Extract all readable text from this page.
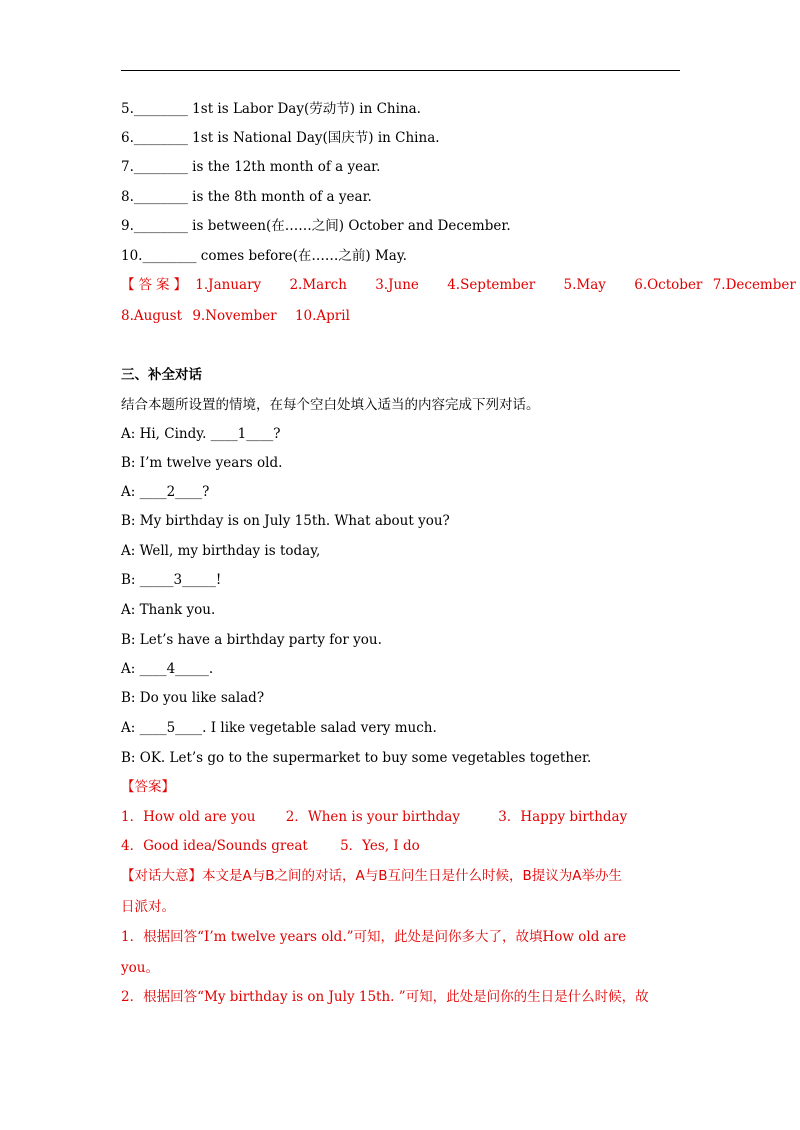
5.________ 1st is Labor Day(劳动节) in China.
6.________ 1st is National Day(国庆节) in China.
7.________ is the 12th month of a year.
8.________ is the 8th month of a year.
9.________ is between(在……之间) October and December.
10.________ comes before(在……之前) May.
【答案】 1.January 2.March 3.June 4.September 5.May 6.October 7.December
8.August 9.November 10.April
三、补全对话
结合本题所设置的情境，在每个空白处填入适当的内容完成下列对话。
A: Hi, Cindy. ____1____?
B: I’m twelve years old.
A: ____2____?
B: My birthday is on July 15th. What about you?
A: Well, my birthday is today,
B: _____3_____!
A: Thank you.
B: Let’s have a birthday party for you.
A: ____4_____.
B: Do you like salad?
A: ____5____. I like vegetable salad very much.
B: OK. Let’s go to the supermarket to buy some vegetables together.
【答案】
1．How old are you 2．When is your birthday	3．Happy birthday
4．Good idea/Sounds great 5．Yes, I do
【对话大意】本文是A与B之间的对话，A与B互问生日是什么时候，B提议为A举办生
日派对。
1．根据回答“I’m twelve years old.”可知，此处是问你多大了，故填How old are
you。
2．根据回答“My birthday is on July 15th. ”可知，此处是问你的生日是什么时候，故
